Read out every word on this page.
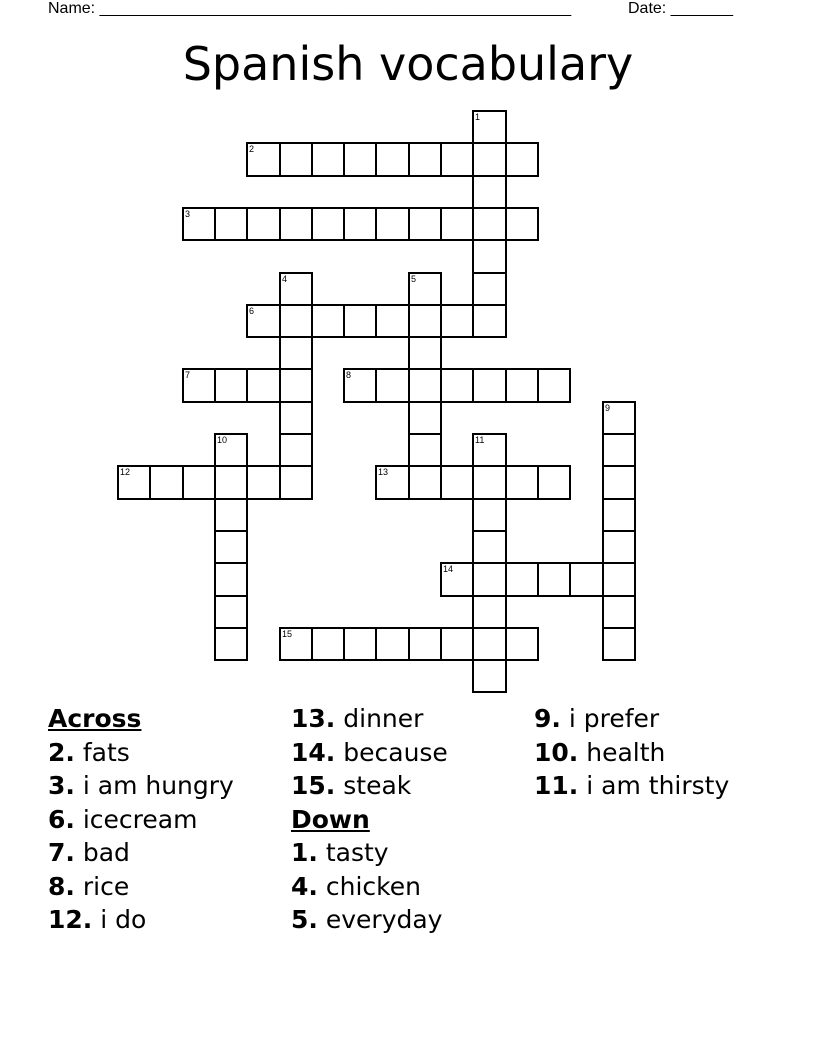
Name: _____________________________________________________	Date: _______
Spanish vocabulary
1
2
3
4	5
6
7	8
9
10	11
12	13
14
15
Across
2. fats
3. i am hungry
6. icecream
7. bad
8. rice
12. i do
13. dinner
14. because
15. steak
Down
1. tasty
4. chicken
5. everyday
9. i prefer
10. health
11. i am thirsty
